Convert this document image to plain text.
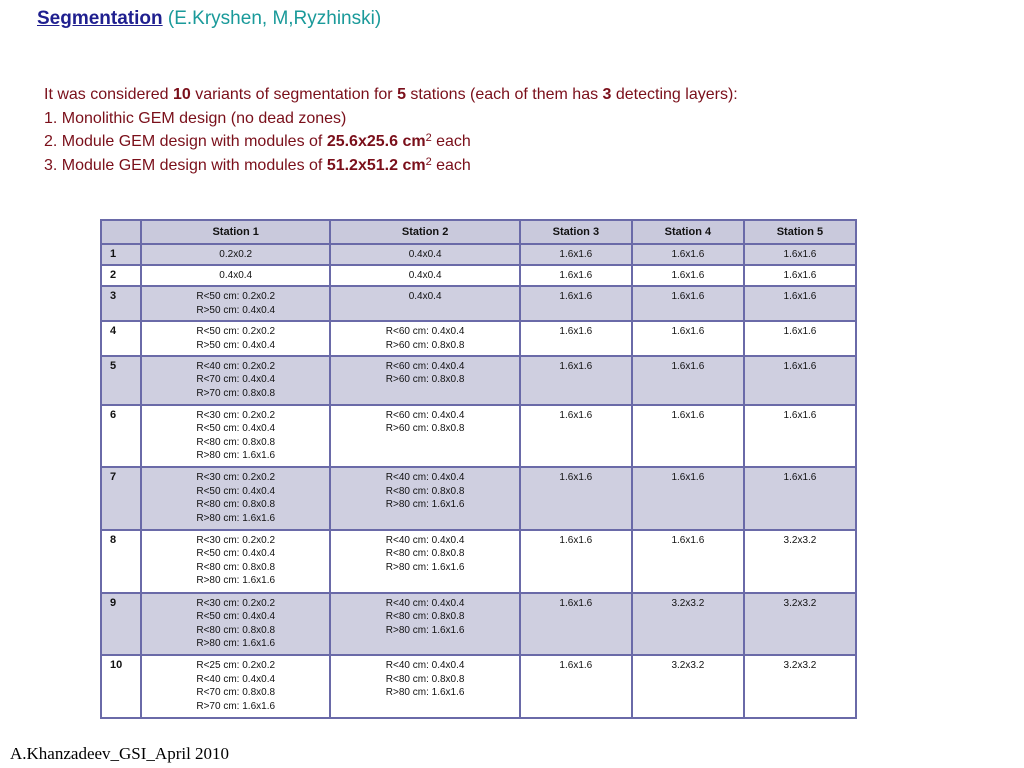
Segmentation (E.Kryshen, M,Ryzhinski)

It was considered 10 variants of segmentation for 5 stations (each of them has 3 detecting layers):

1. Monolithic GEM design (no dead zones)

2. Module GEM design with modules of 25.6x25.6 $cm^2$ each

3. Module GEM design with modules of 51.2x51.2 $cm^2$ each

	Station 1	Station 2	Station 3	Station 4	Station 5
1	0.2x0.2	0.4x0.4	1.6x1.6	1.6x1.6	1.6x1.6

2	0.4x0.4	0.4x0.4	1.6x1.6	1.6x1.6	1.6x1.6

3	R<50 cm: 0.2x0.2
R>50 cm: 0.4x0.4	0.4x0.4	1.6x1.6	1.6x1.6	1.6x1.6

4	R<50 cm: 0.2x0.2
R>50 cm: 0.4x0.4	R<60 cm: 0.4x0.4
R>60 cm: 0.8x0.8	1.6x1.6	1.6x1.6	1.6x1.6

5	R<40 cm: 0.2x0.2
R<70 cm: 0.4x0.4
R>70 cm: 0.8x0.8	R<60 cm: 0.4x0.4
R>60 cm: 0.8x0.8	1.6x1.6	1.6x1.6	1.6x1.6

6	R<30 cm: 0.2x0.2
R<50 cm: 0.4x0.4
R<80 cm: 0.8x0.8
R>80 cm: 1.6x1.6	R<60 cm: 0.4x0.4
R>60 cm: 0.8x0.8	1.6x1.6	1.6x1.6	1.6x1.6

7	R<30 cm: 0.2x0.2
R<50 cm: 0.4x0.4
R<80 cm: 0.8x0.8
R>80 cm: 1.6x1.6	R<40 cm: 0.4x0.4
R<80 cm: 0.8x0.8
R>80 cm: 1.6x1.6	1.6x1.6	1.6x1.6	1.6x1.6

8	R<30 cm: 0.2x0.2
R<50 cm: 0.4x0.4
R<80 cm: 0.8x0.8
R>80 cm: 1.6x1.6	R<40 cm: 0.4x0.4
R<80 cm: 0.8x0.8
R>80 cm: 1.6x1.6	1.6x1.6	1.6x1.6	3.2x3.2

9	R<30 cm: 0.2x0.2
R<50 cm: 0.4x0.4
R<80 cm: 0.8x0.8
R>80 cm: 1.6x1.6	R<40 cm: 0.4x0.4
R<80 cm: 0.8x0.8
R>80 cm: 1.6x1.6	1.6x1.6	3.2x3.2	3.2x3.2

10	R<25 cm: 0.2x0.2
R<40 cm: 0.4x0.4
R<70 cm: 0.8x0.8
R>70 cm: 1.6x1.6	R<40 cm: 0.4x0.4
R<80 cm: 0.8x0.8
R>80 cm: 1.6x1.6	1.6x1.6	3.2x3.2	3.2x3.2
A.Khanzadeev_GSI_April 2010
